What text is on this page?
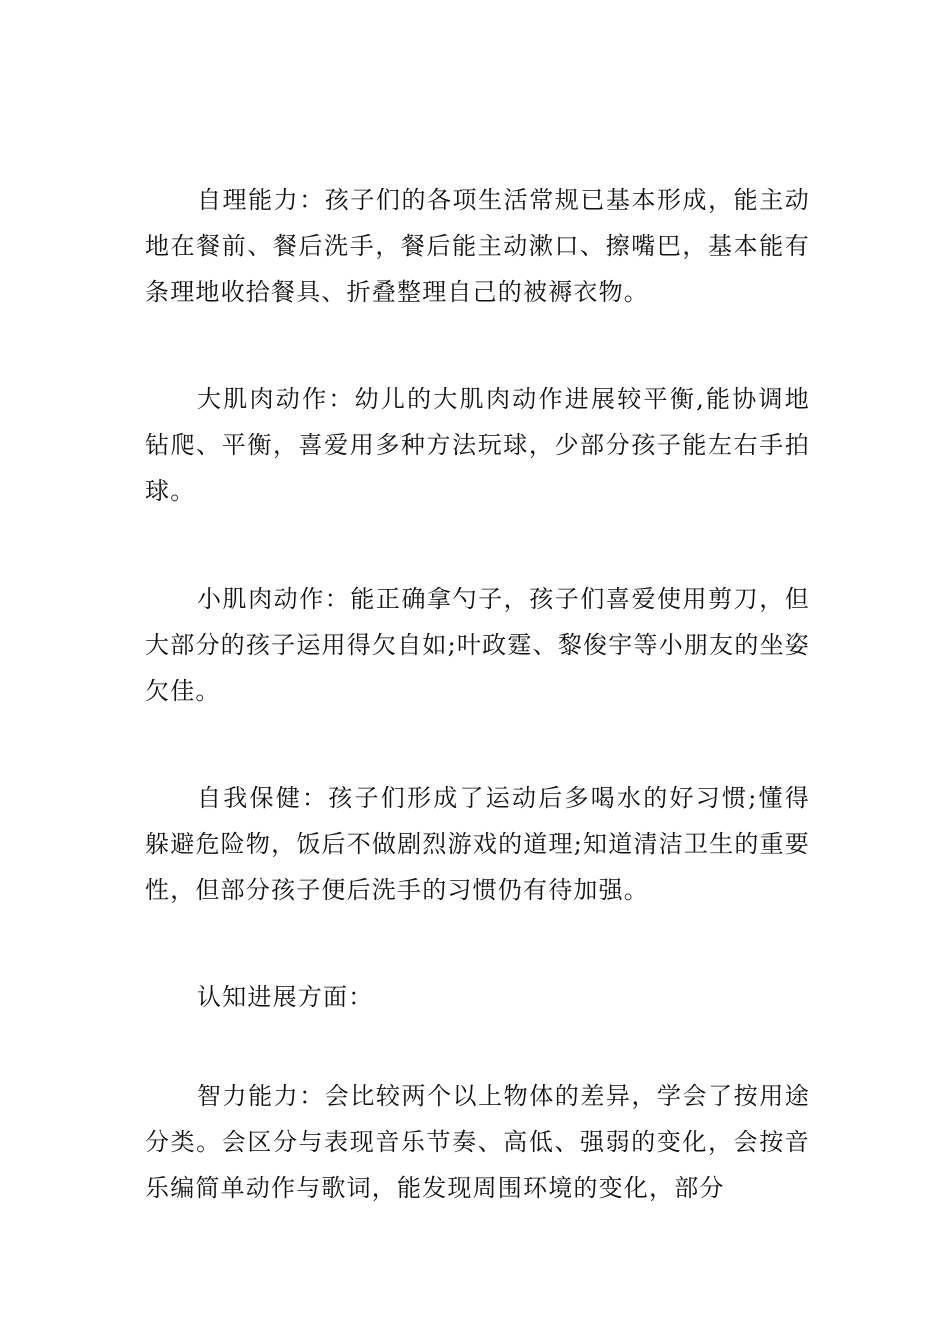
自理能力：孩子们的各项生活常规已基本形成，能主动地在餐前、餐后洗手，餐后能主动漱口、擦嘴巴，基本能有条理地收拾餐具、折叠整理自己的被褥衣物。

大肌肉动作：幼儿的大肌肉动作进展较平衡,能协调地钻爬、平衡，喜爱用多种方法玩球，少部分孩子能左右手拍球。

小肌肉动作：能正确拿勺子，孩子们喜爱使用剪刀，但大部分的孩子运用得欠自如;叶政霆、黎俊宇等小朋友的坐姿欠佳。

自我保健：孩子们形成了运动后多喝水的好习惯;懂得躲避危险物，饭后不做剧烈游戏的道理;知道清洁卫生的重要性，但部分孩子便后洗手的习惯仍有待加强。

认知进展方面：

智力能力：会比较两个以上物体的差异，学会了按用途分类。会区分与表现音乐节奏、高低、强弱的变化，会按音乐编简单动作与歌词，能发现周围环境的变化，部分
